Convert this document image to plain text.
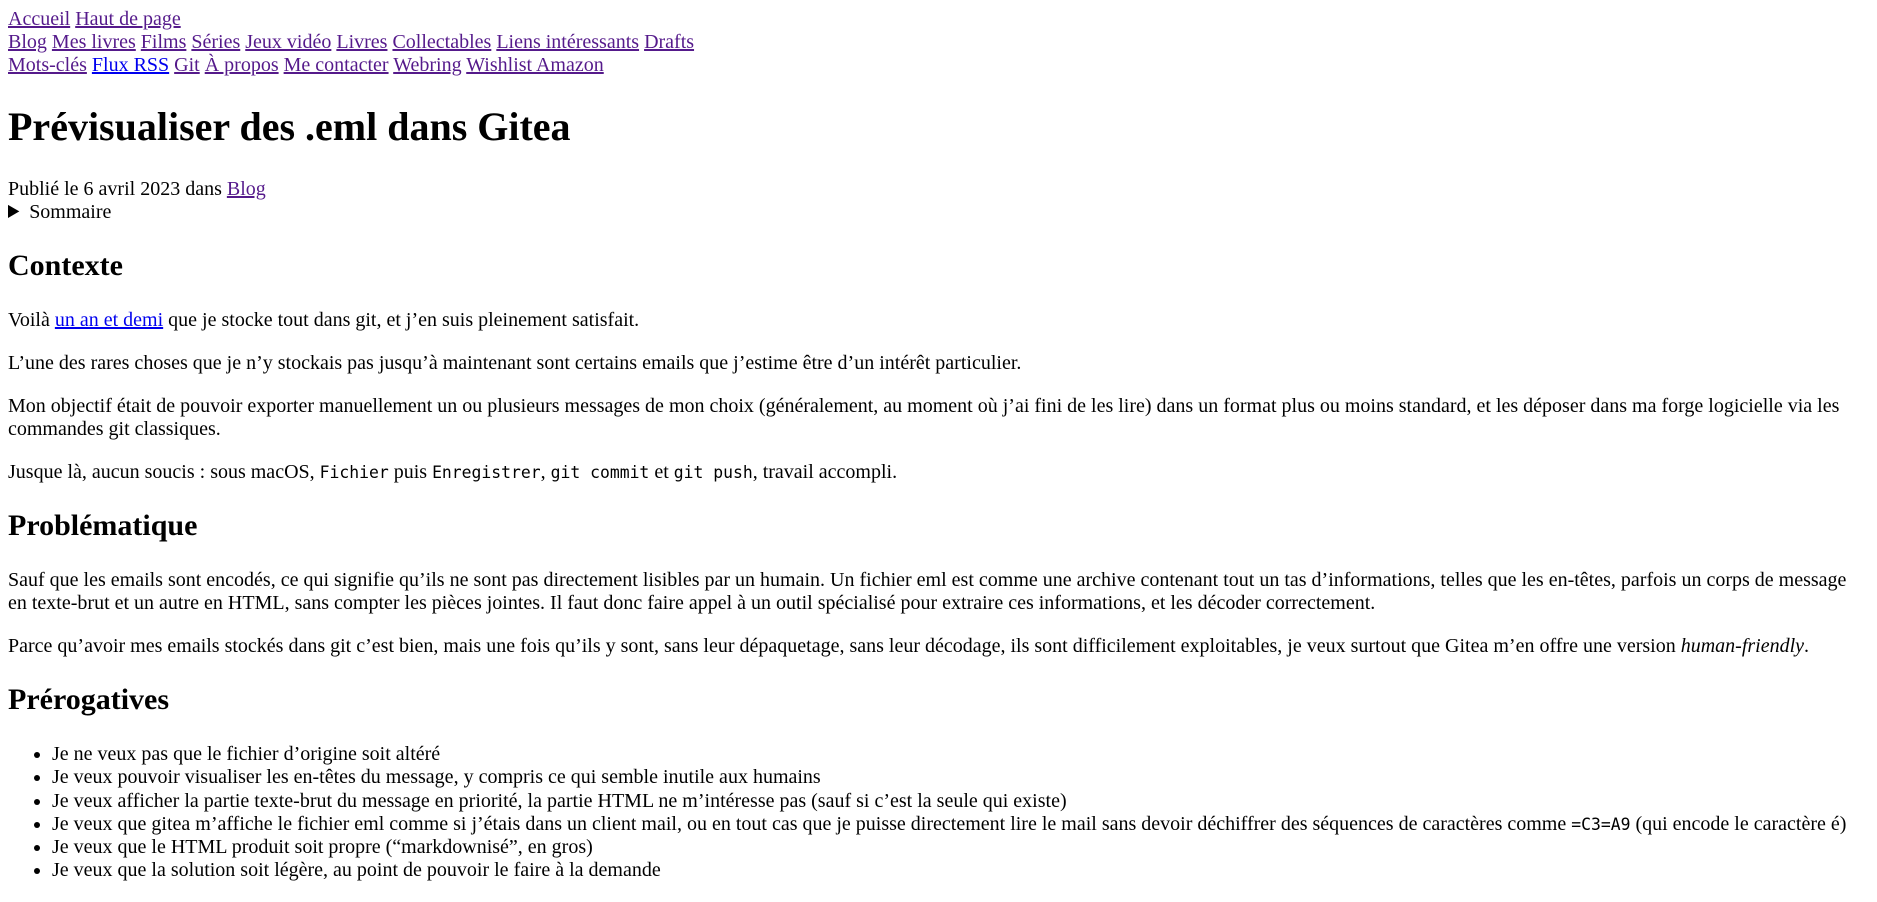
Accueil Haut de page
Blog Mes livres Films Séries Jeux vidéo Livres Collectables Liens intéressants Drafts
Mots-clés Flux RSS Git À propos Me contacter Webring Wishlist Amazon
Prévisualiser des .eml dans Gitea

Publié le 6 avril 2023 dans Blog

Sommaire
Contexte

Voilà un an et demi que je stocke tout dans git, et j’en suis pleinement satisfait.

L’une des rares choses que je n’y stockais pas jusqu’à maintenant sont certains emails que j’estime être d’un intérêt particulier.

Mon objectif était de pouvoir exporter manuellement un ou plusieurs messages de mon choix (généralement, au moment où j’ai fini de les lire) dans un format plus ou moins standard, et les déposer dans ma forge logicielle via les commandes git classiques.

Jusque là, aucun soucis : sous macOS, Fichier puis Enregistrer, git commit et git push, travail accompli.

Problématique

Sauf que les emails sont encodés, ce qui signifie qu’ils ne sont pas directement lisibles par un humain. Un fichier eml est comme une archive contenant tout un tas d’informations, telles que les en-têtes, parfois un corps de message en texte-brut et un autre en HTML, sans compter les pièces jointes. Il faut donc faire appel à un outil spécialisé pour extraire ces informations, et les décoder correctement.

Parce qu’avoir mes emails stockés dans git c’est bien, mais une fois qu’ils y sont, sans leur dépaquetage, sans leur décodage, ils sont difficilement exploitables, je veux surtout que Gitea m’en offre une version human-friendly.

Prérogatives
• Je ne veux pas que le fichier d’origine soit altéré
• Je veux pouvoir visualiser les en-têtes du message, y compris ce qui semble inutile aux humains
• Je veux afficher la partie texte-brut du message en priorité, la partie HTML ne m’intéresse pas (sauf si c’est la seule qui existe)
• Je veux que gitea m’affiche le fichier eml comme si j’étais dans un client mail, ou en tout cas que je puisse directement lire le mail sans devoir déchiffrer des séquences de caractères comme =C3=A9 (qui encode le caractère é)
• Je veux que le HTML produit soit propre (“markdownisé”, en gros)
• Je veux que la solution soit légère, au point de pouvoir le faire à la demande
